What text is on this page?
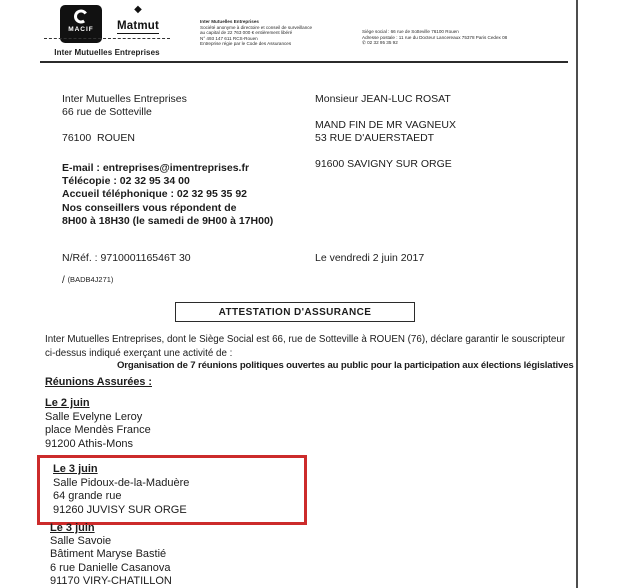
MACIF
◆
Matmut
Inter Mutuelles Entreprises
Inter Mutuelles Entreprises
Société anonyme à directoire et conseil de surveillance
au capital de 22 763 000 € entièrement libéré
N° 493 147 611 RCS-Rouen
Entreprise régie par le Code des Assurances
Siège social : 66 rue de Sotteville 76100 Rouen
Adresse postale : 11 rue du Docteur Lancereaux 75378 Paris Cedex 08
✆ 02 32 95 35 92
Inter Mutuelles Entreprises
66 rue de Sotteville
76100  ROUEN
E-mail : entreprises@imentreprises.fr
Télécopie : 02 32 95 34 00
Accueil téléphonique : 02 32 95 35 92
Nos conseillers vous répondent de
8H00 à 18H30 (le samedi de 9H00 à 17H00)
Monsieur JEAN-LUC ROSAT
MAND FIN DE MR VAGNEUX
53 RUE D'AUERSTAEDT
91600 SAVIGNY SUR ORGE
N/Réf. : 971000116546T 30	Le vendredi 2 juin 2017
/ (BADB4J271)
ATTESTATION D'ASSURANCE
Inter Mutuelles Entreprises, dont le Siège Social est 66, rue de Sotteville à ROUEN (76), déclare garantir le souscripteur ci-dessus indiqué exerçant une activité de :
Organisation de 7 réunions politiques ouvertes au public pour la participation aux élections législatives
Réunions Assurées :
Le 2 juin
Salle Evelyne Leroy
place Mendès France
91200 Athis-Mons
Le 3 juin
Salle Pidoux-de-la-Maduère
64 grande rue
91260 JUVISY SUR ORGE
Le 3 juin
Salle Savoie
Bâtiment Maryse Bastié
6 rue Danielle Casanova
91170 VIRY-CHATILLON
